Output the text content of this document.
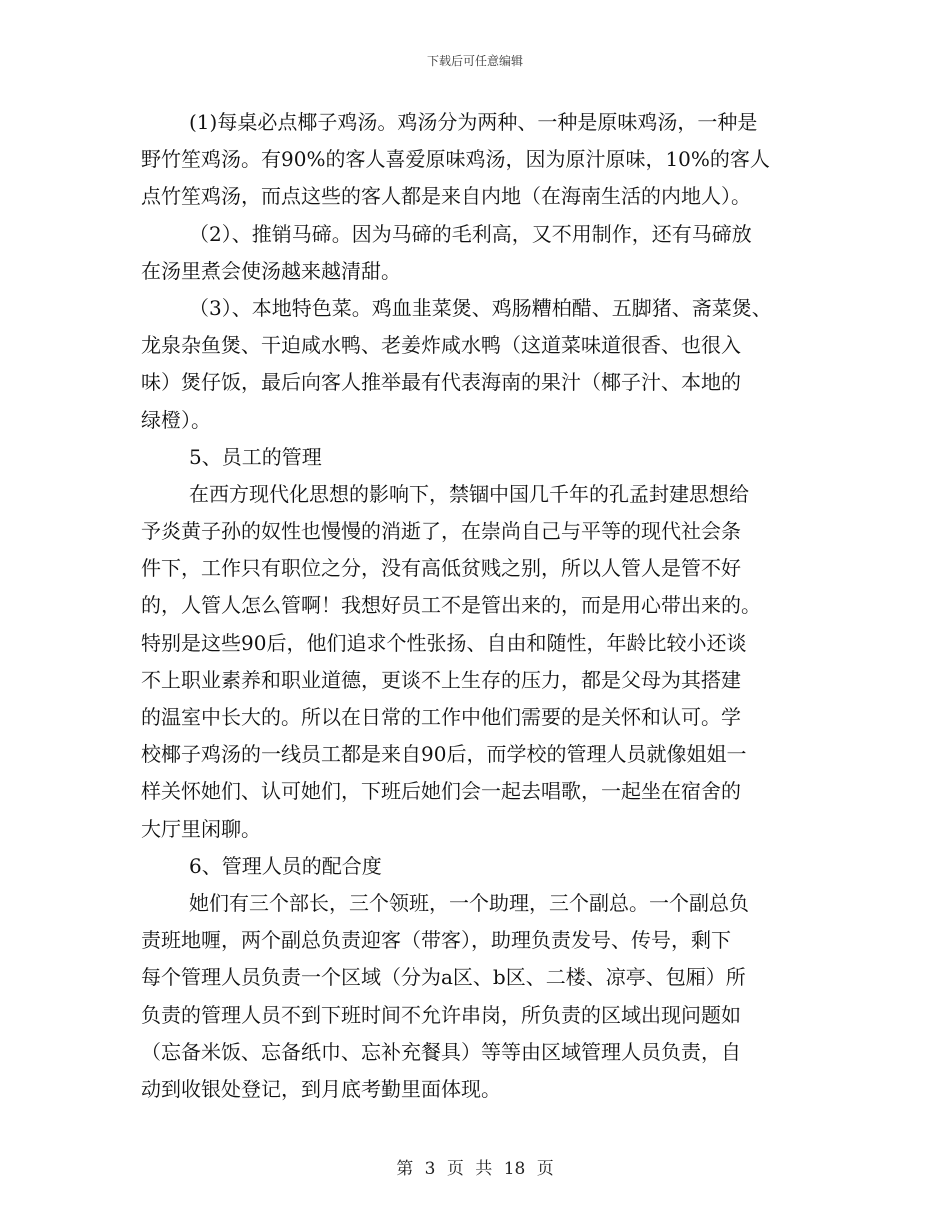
下载后可任意编辑
(1)每桌必点椰子鸡汤。鸡汤分为两种、一种是原味鸡汤，一种是
野竹笙鸡汤。有90%的客人喜爱原味鸡汤，因为原汁原味，10%的客人
点竹笙鸡汤，而点这些的客人都是来自内地（在海南生活的内地人）。
（2）、推销马碲。因为马碲的毛利高，又不用制作，还有马碲放
在汤里煮会使汤越来越清甜。
（3）、本地特色菜。鸡血韭菜煲、鸡肠糟柏醋、五脚猪、斋菜煲、
龙泉杂鱼煲、干迫咸水鸭、老姜炸咸水鸭（这道菜味道很香、也很入
味）煲仔饭，最后向客人推举最有代表海南的果汁（椰子汁、本地的
绿橙）。
5、员工的管理
在西方现代化思想的影响下，禁锢中国几千年的孔孟封建思想给
予炎黄子孙的奴性也慢慢的消逝了，在崇尚自己与平等的现代社会条
件下，工作只有职位之分，没有高低贫贱之别，所以人管人是管不好
的，人管人怎么管啊！我想好员工不是管出来的，而是用心带出来的。
特别是这些90后，他们追求个性张扬、自由和随性，年龄比较小还谈
不上职业素养和职业道德，更谈不上生存的压力，都是父母为其搭建
的温室中长大的。所以在日常的工作中他们需要的是关怀和认可。学
校椰子鸡汤的一线员工都是来自90后，而学校的管理人员就像姐姐一
样关怀她们、认可她们，下班后她们会一起去唱歌，一起坐在宿舍的
大厅里闲聊。
6、管理人员的配合度
她们有三个部长，三个领班，一个助理，三个副总。一个副总负
责班地喱，两个副总负责迎客（带客），助理负责发号、传号，剩下
每个管理人员负责一个区域（分为a区、b区、二楼、凉亭、包厢）所
负责的管理人员不到下班时间不允许串岗，所负责的区域出现问题如
（忘备米饭、忘备纸巾、忘补充餐具）等等由区域管理人员负责，自
动到收银处登记，到月底考勤里面体现。
第 3 页 共 18 页
